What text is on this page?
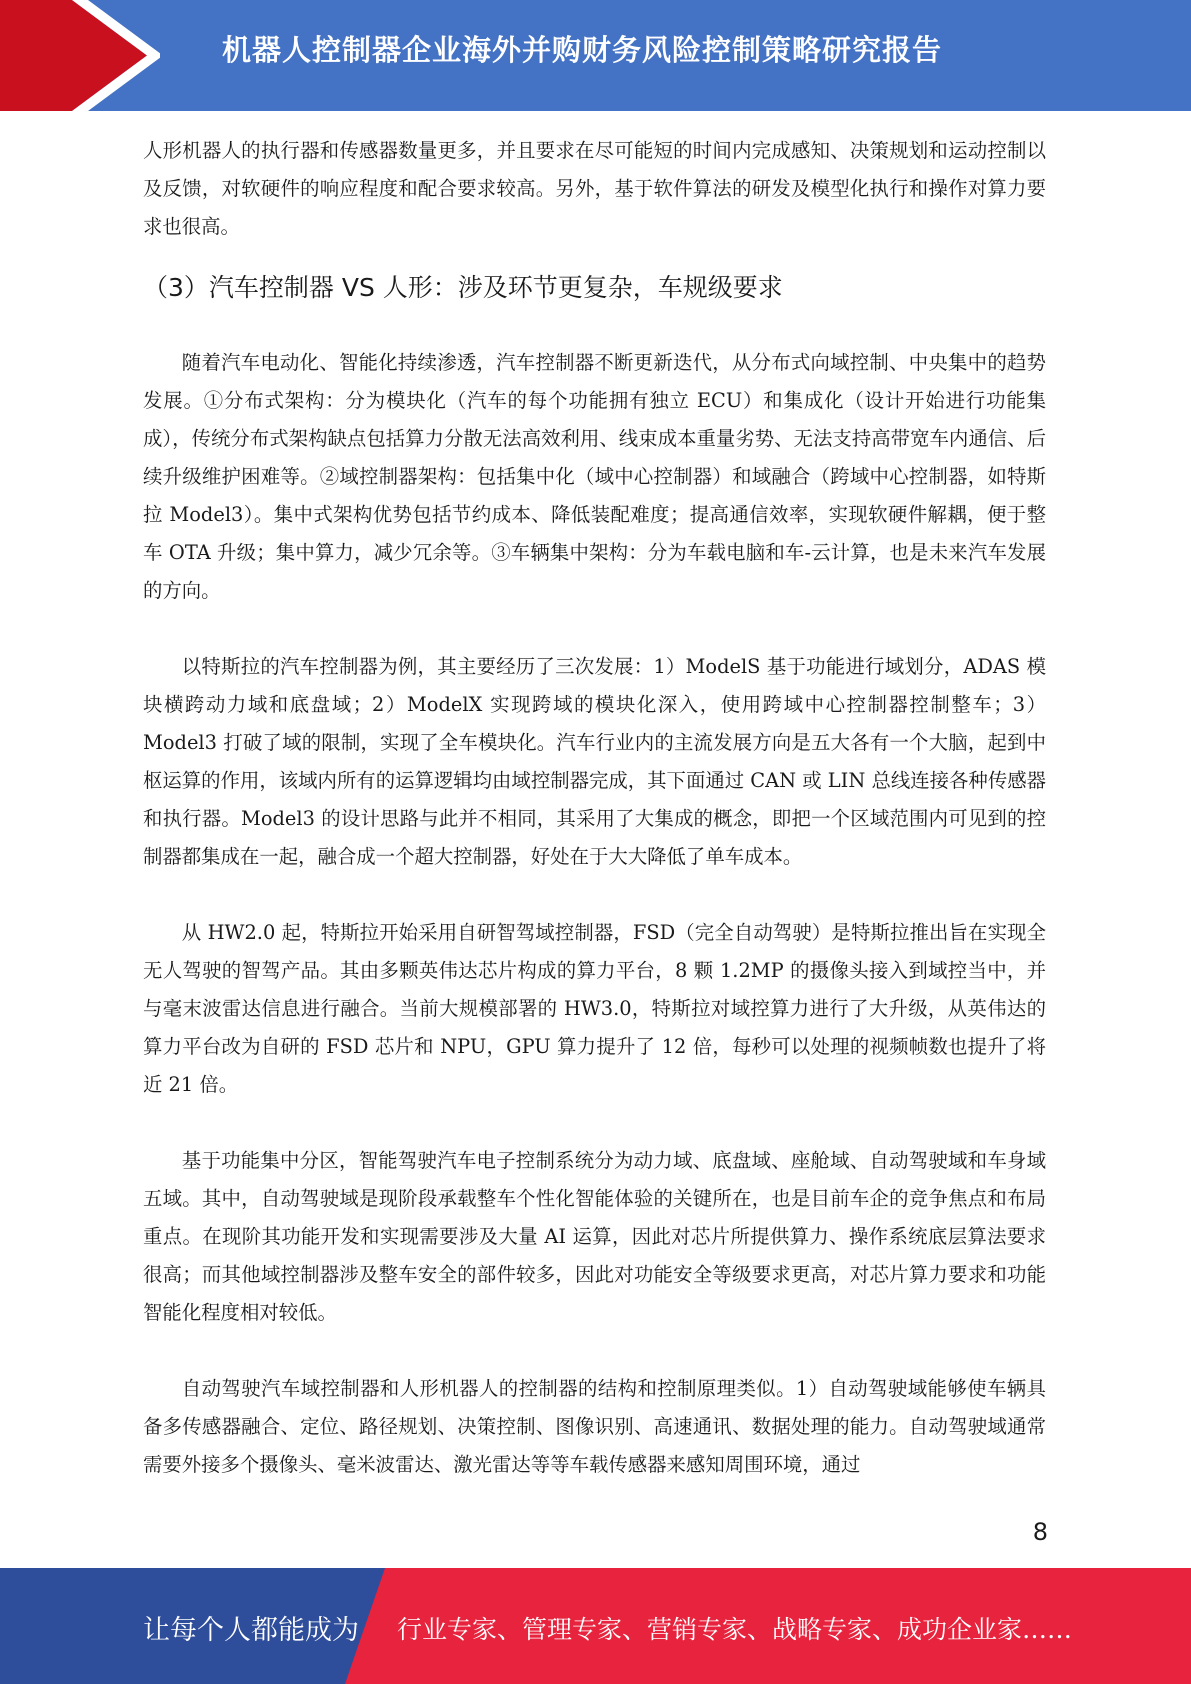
机器人控制器企业海外并购财务风险控制策略研究报告

人形机器人的执行器和传感器数量更多，并且要求在尽可能短的时间内完成感知、决策规划和运动控制以及反馈，对软硬件的响应程度和配合要求较高。另外，基于软件算法的研发及模型化执行和操作对算力要求也很高。

（3）汽车控制器 VS 人形：涉及环节更复杂，车规级要求

随着汽车电动化、智能化持续渗透，汽车控制器不断更新迭代，从分布式向域控制、中央集中的趋势发展。①分布式架构：分为模块化（汽车的每个功能拥有独立 ECU）和集成化（设计开始进行功能集成），传统分布式架构缺点包括算力分散无法高效利用、线束成本重量劣势、无法支持高带宽车内通信、后续升级维护困难等。②域控制器架构：包括集中化（域中心控制器）和域融合（跨域中心控制器，如特斯拉 Model3）。集中式架构优势包括节约成本、降低装配难度；提高通信效率，实现软硬件解耦，便于整车 OTA 升级；集中算力，减少冗余等。③车辆集中架构：分为车载电脑和车-云计算，也是未来汽车发展的方向。

以特斯拉的汽车控制器为例，其主要经历了三次发展：1）ModelS 基于功能进行域划分，ADAS 模块横跨动力域和底盘域；2）ModelX 实现跨域的模块化深入，使用跨域中心控制器控制整车；3）Model3 打破了域的限制，实现了全车模块化。汽车行业内的主流发展方向是五大各有一个大脑，起到中枢运算的作用，该域内所有的运算逻辑均由域控制器完成，其下面通过 CAN 或 LIN 总线连接各种传感器和执行器。Model3 的设计思路与此并不相同，其采用了大集成的概念，即把一个区域范围内可见到的控制器都集成在一起，融合成一个超大控制器，好处在于大大降低了单车成本。

从 HW2.0 起，特斯拉开始采用自研智驾域控制器，FSD（完全自动驾驶）是特斯拉推出旨在实现全无人驾驶的智驾产品。其由多颗英伟达芯片构成的算力平台，8 颗 1.2MP 的摄像头接入到域控当中，并与毫末波雷达信息进行融合。当前大规模部署的 HW3.0，特斯拉对域控算力进行了大升级，从英伟达的算力平台改为自研的 FSD 芯片和 NPU，GPU 算力提升了 12 倍，每秒可以处理的视频帧数也提升了将近 21 倍。

基于功能集中分区，智能驾驶汽车电子控制系统分为动力域、底盘域、座舱域、自动驾驶域和车身域五域。其中，自动驾驶域是现阶段承载整车个性化智能体验的关键所在，也是目前车企的竞争焦点和布局重点。在现阶其功能开发和实现需要涉及大量 AI 运算，因此对芯片所提供算力、操作系统底层算法要求很高；而其他域控制器涉及整车安全的部件较多，因此对功能安全等级要求更高，对芯片算力要求和功能智能化程度相对较低。

自动驾驶汽车域控制器和人形机器人的控制器的结构和控制原理类似。1）自动驾驶域能够使车辆具备多传感器融合、定位、路径规划、决策控制、图像识别、高速通讯、数据处理的能力。自动驾驶域通常需要外接多个摄像头、毫米波雷达、激光雷达等等车载传感器来感知周围环境，通过

8
让每个人都能成为 行业专家、管理专家、营销专家、战略专家、成功企业家……
